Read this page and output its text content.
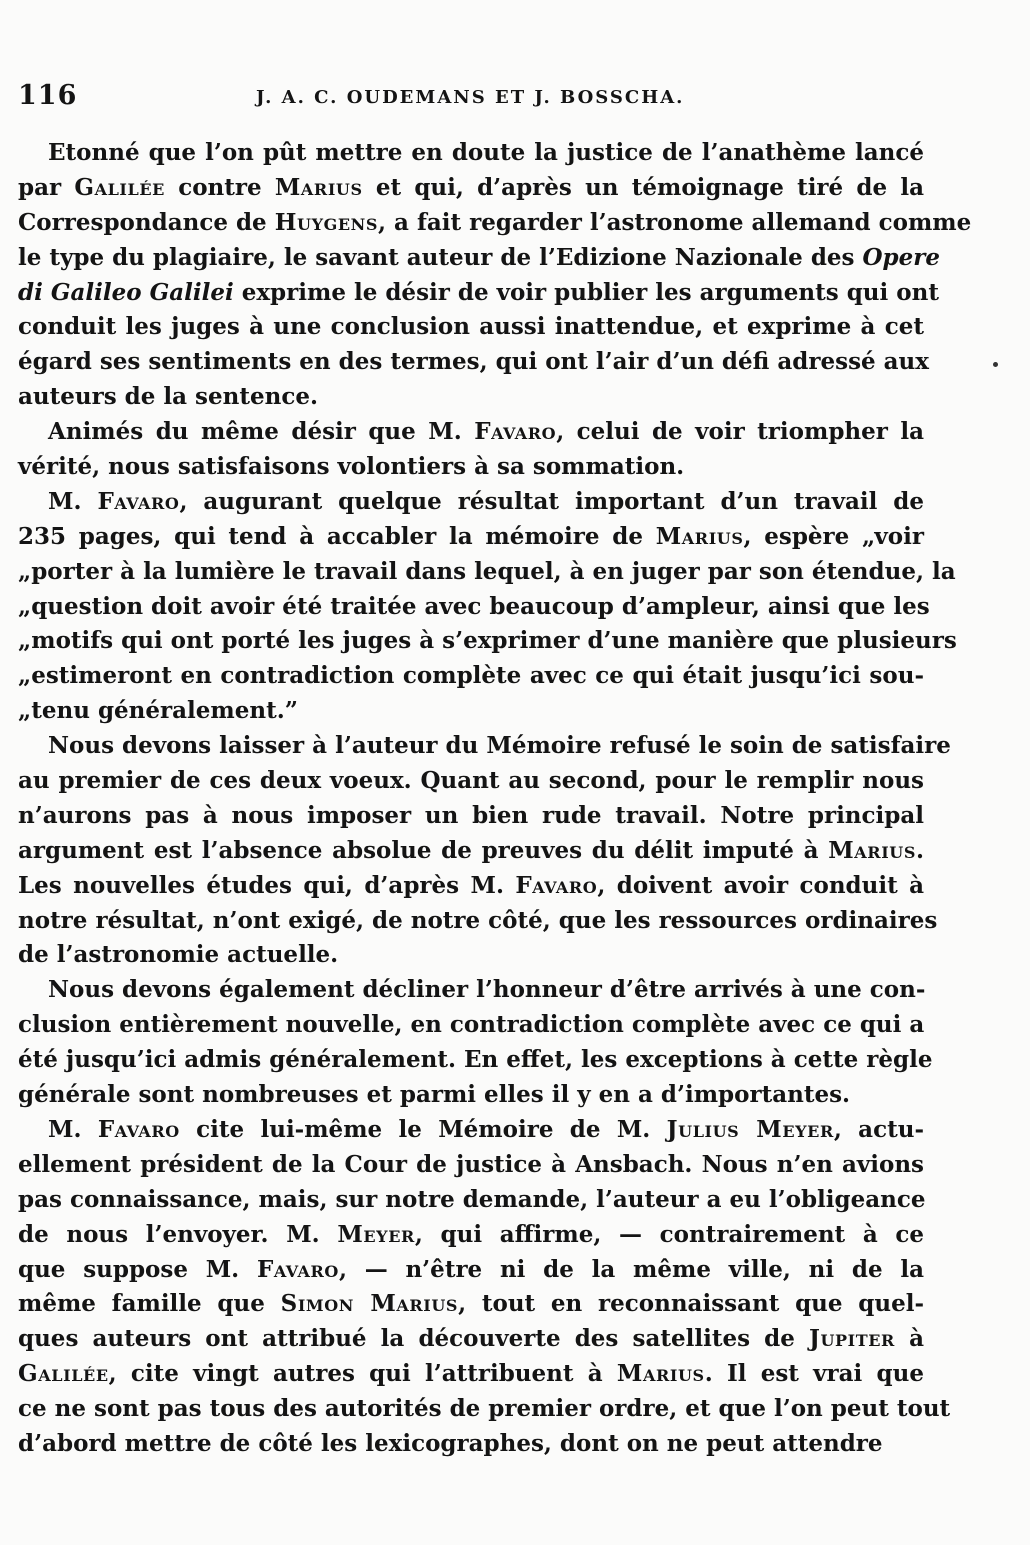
116	J. A. C. OUDEMANS ET J. BOSSCHA.
Etonné que l’on pût mettre en doute la justice de l’anathème lancé
par Galilée contre Marius et qui, d’après un témoignage tiré de la
Correspondance de Huygens, a fait regarder l’astronome allemand comme
le type du plagiaire, le savant auteur de l’Edizione Nazionale des Opere
di Galileo Galilei exprime le désir de voir publier les arguments qui ont
conduit les juges à une conclusion aussi inattendue, et exprime à cet
égard ses sentiments en des termes, qui ont l’air d’un défi adressé aux
auteurs de la sentence.
Animés du même désir que M. Favaro, celui de voir triompher la
vérité, nous satisfaisons volontiers à sa sommation.
M. Favaro, augurant quelque résultat important d’un travail de
235 pages, qui tend à accabler la mémoire de Marius, espère „voir
„porter à la lumière le travail dans lequel, à en juger par son étendue, la
„question doit avoir été traitée avec beaucoup d’ampleur, ainsi que les
„motifs qui ont porté les juges à s’exprimer d’une manière que plusieurs
„estimeront en contradiction complète avec ce qui était jusqu’ici sou-
„tenu généralement.”
Nous devons laisser à l’auteur du Mémoire refusé le soin de satisfaire
au premier de ces deux voeux. Quant au second, pour le remplir nous
n’aurons pas à nous imposer un bien rude travail. Notre principal
argument est l’absence absolue de preuves du délit imputé à Marius.
Les nouvelles études qui, d’après M. Favaro, doivent avoir conduit à
notre résultat, n’ont exigé, de notre côté, que les ressources ordinaires
de l’astronomie actuelle.
Nous devons également décliner l’honneur d’être arrivés à une con-
clusion entièrement nouvelle, en contradiction complète avec ce qui a
été jusqu’ici admis généralement. En effet, les exceptions à cette règle
générale sont nombreuses et parmi elles il y en a d’importantes.
M. Favaro cite lui-même le Mémoire de M. Julius Meyer, actu-
ellement président de la Cour de justice à Ansbach. Nous n’en avions
pas connaissance, mais, sur notre demande, l’auteur a eu l’obligeance
de nous l’envoyer. M. Meyer, qui affirme, — contrairement à ce
que suppose M. Favaro, — n’être ni de la même ville, ni de la
même famille que Simon Marius, tout en reconnaissant que quel-
ques auteurs ont attribué la découverte des satellites de Jupiter à
Galilée, cite vingt autres qui l’attribuent à Marius. Il est vrai que
ce ne sont pas tous des autorités de premier ordre, et que l’on peut tout
d’abord mettre de côté les lexicographes, dont on ne peut attendre
